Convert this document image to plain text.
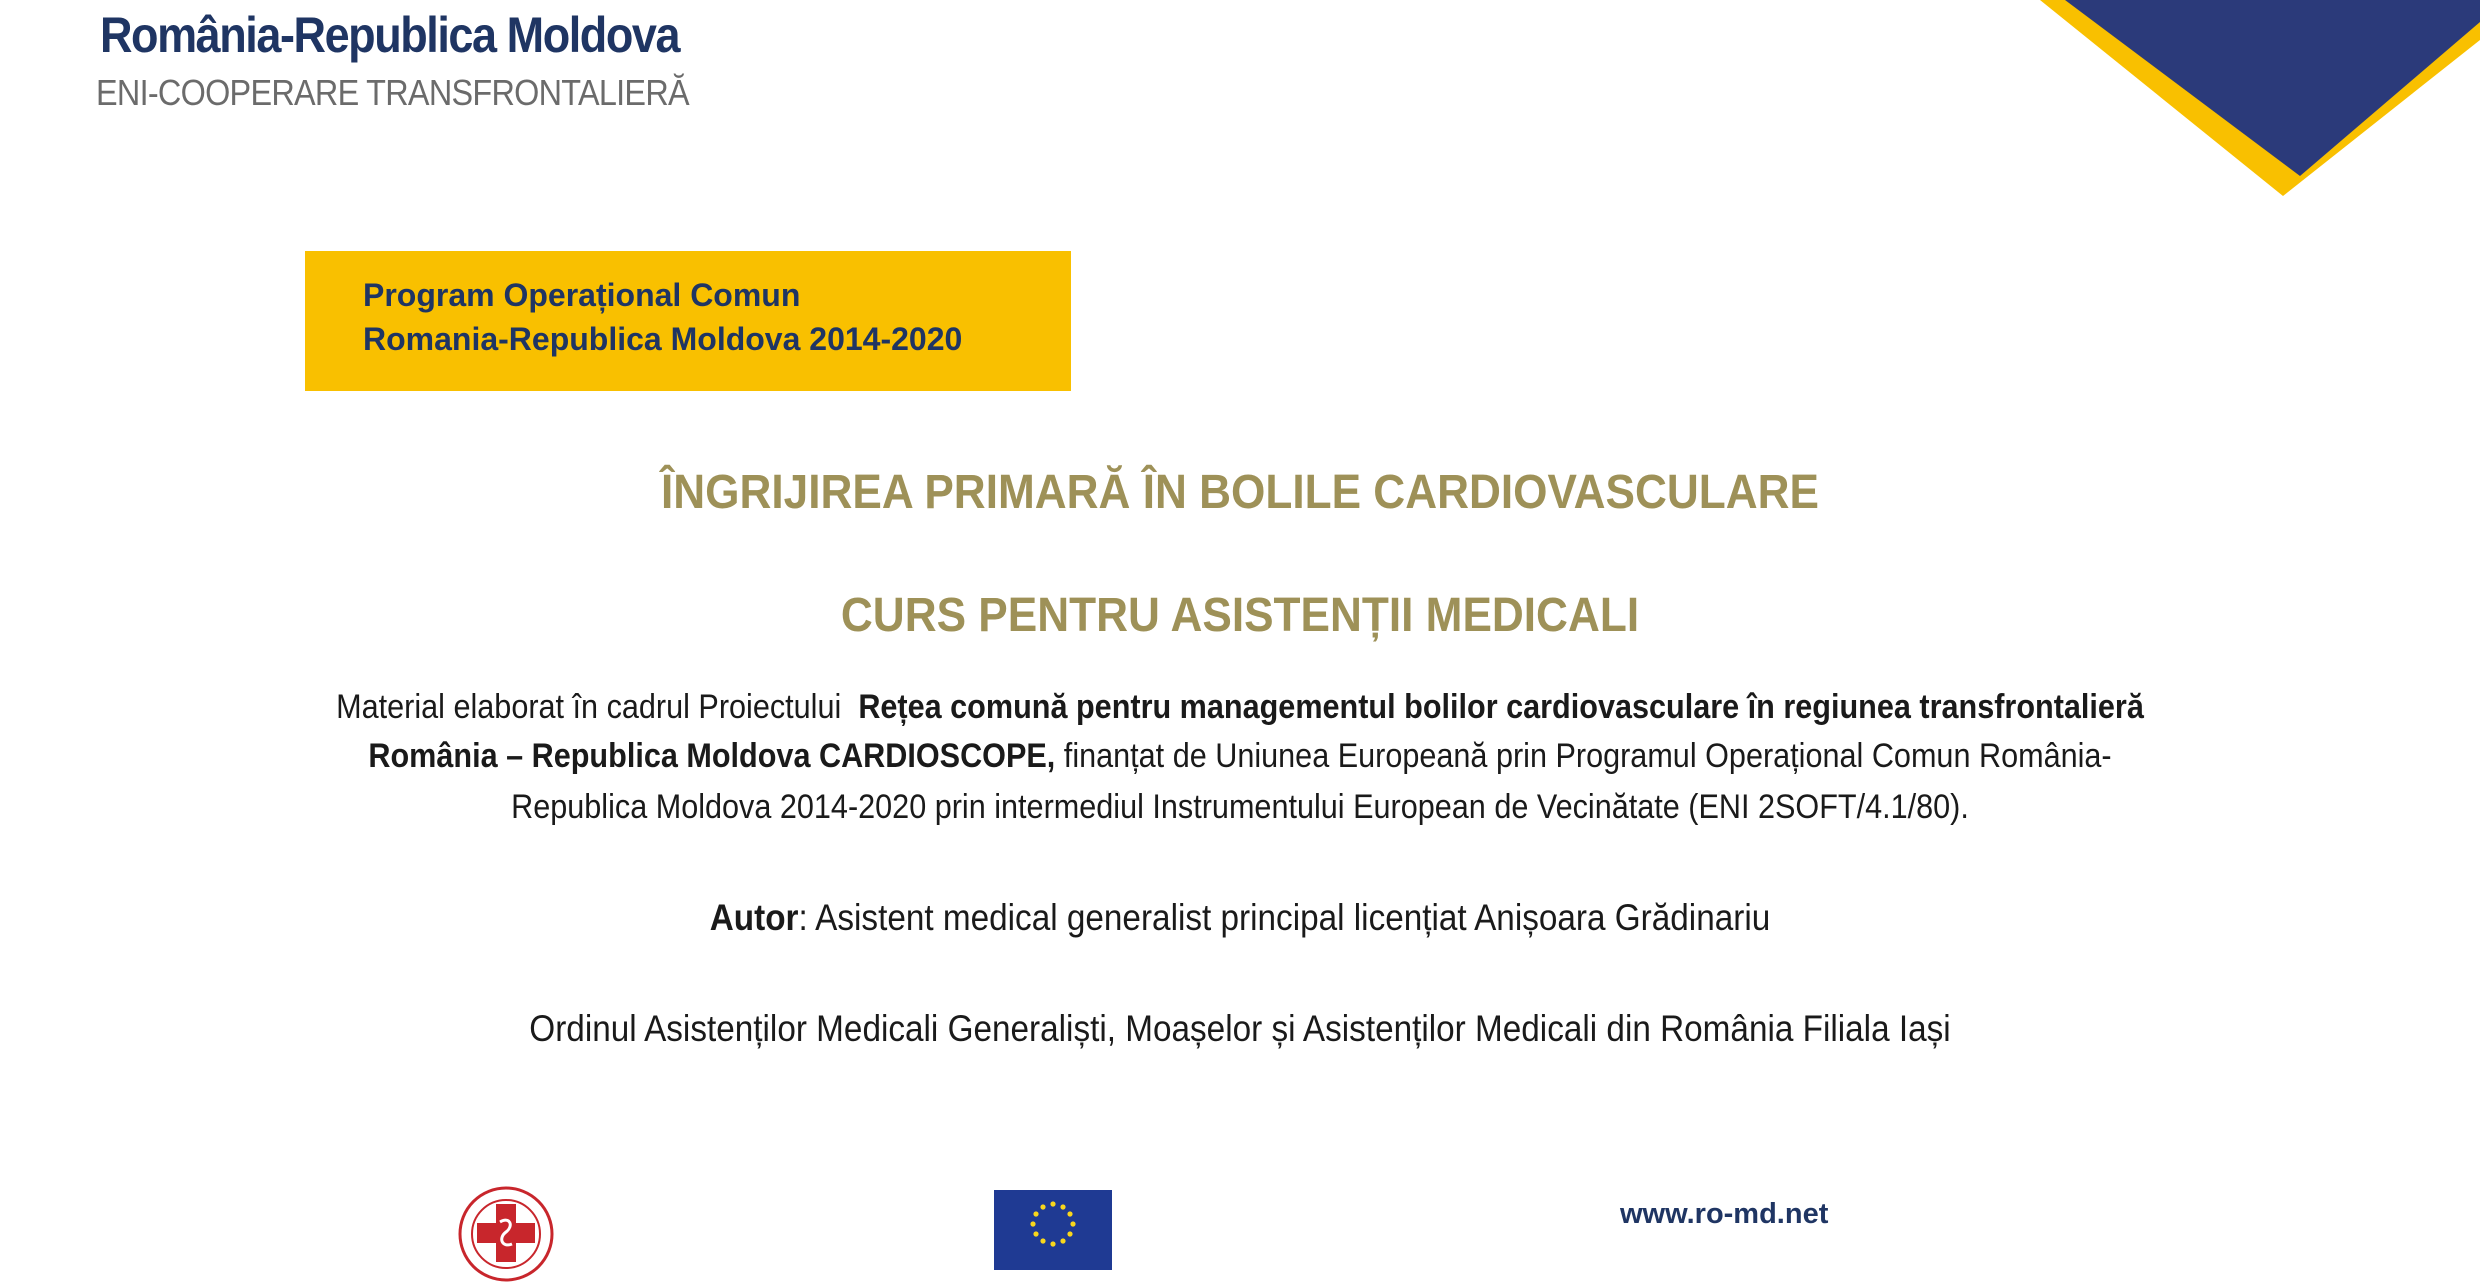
România-Republica Moldova
ENI-COOPERARE TRANSFRONTALIERĂ
Program Operațional Comun
Romania-Republica Moldova 2014-2020
ÎNGRIJIREA PRIMARĂ ÎN BOLILE CARDIOVASCULARE
CURS PENTRU ASISTENȚII MEDICALI
Material elaborat în cadrul Proiectului Rețea comună pentru managementul bolilor cardiovasculare în regiunea transfrontalieră
România – Republica Moldova CARDIOSCOPE, finanțat de Uniunea Europeană prin Programul Operațional Comun România-
Republica Moldova 2014-2020 prin intermediul Instrumentului European de Vecinătate (ENI 2SOFT/4.1/80).
Autor: Asistent medical generalist principal licențiat Anișoara Grădinariu
Ordinul Asistenților Medicali Generaliști, Moașelor și Asistenților Medicali din România Filiala Iași
www.ro-md.net
